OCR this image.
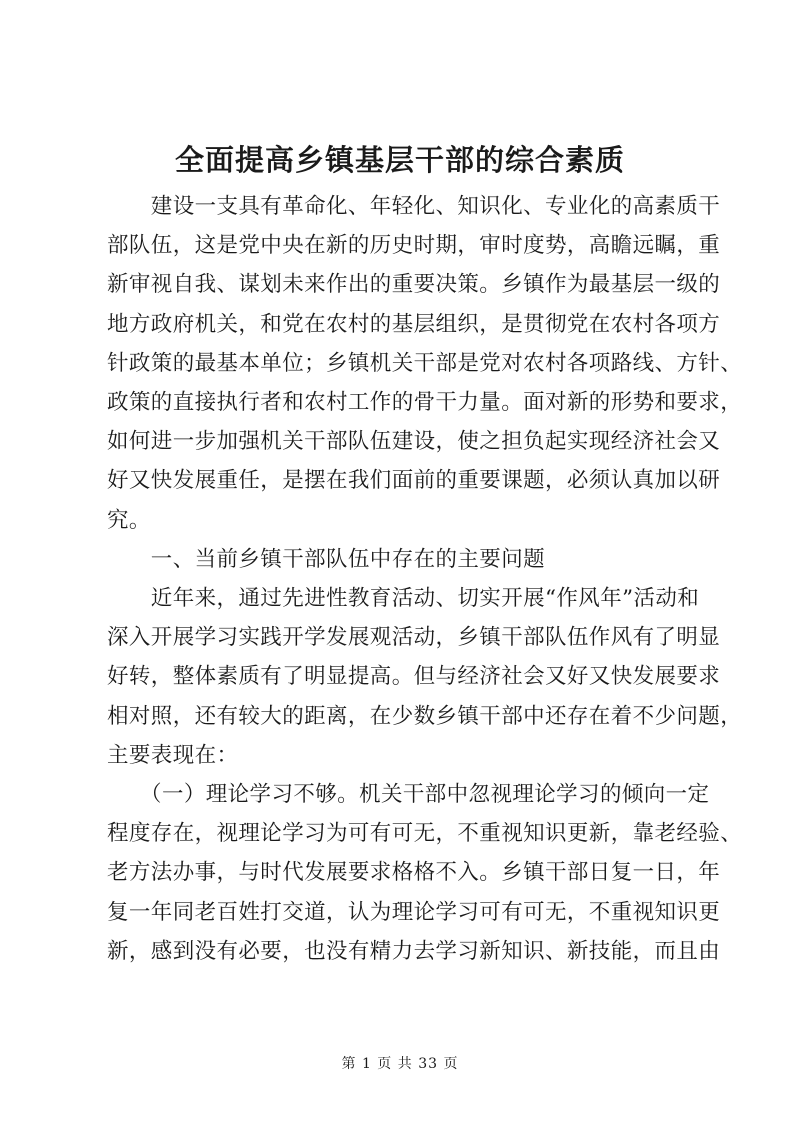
全面提高乡镇基层干部的综合素质

　　建设一支具有革命化、年轻化、知识化、专业化的高素质干

部队伍，这是党中央在新的历史时期，审时度势，高瞻远瞩，重

新审视自我、谋划未来作出的重要决策。乡镇作为最基层一级的

地方政府机关，和党在农村的基层组织，是贯彻党在农村各项方

针政策的最基本单位；乡镇机关干部是党对农村各项路线、方针、

政策的直接执行者和农村工作的骨干力量。面对新的形势和要求，

如何进一步加强机关干部队伍建设，使之担负起实现经济社会又

好又快发展重任，是摆在我们面前的重要课题，必须认真加以研

究。

　　一、当前乡镇干部队伍中存在的主要问题

　　近年来，通过先进性教育活动、切实开展“作风年”活动和

深入开展学习实践开学发展观活动，乡镇干部队伍作风有了明显

好转，整体素质有了明显提高。但与经济社会又好又快发展要求

相对照，还有较大的距离，在少数乡镇干部中还存在着不少问题，

主要表现在：

　　（一）理论学习不够。机关干部中忽视理论学习的倾向一定

程度存在，视理论学习为可有可无，不重视知识更新，靠老经验、

老方法办事，与时代发展要求格格不入。乡镇干部日复一日，年

复一年同老百姓打交道，认为理论学习可有可无，不重视知识更

新，感到没有必要，也没有精力去学习新知识、新技能，而且由

第 1 页 共 33 页
